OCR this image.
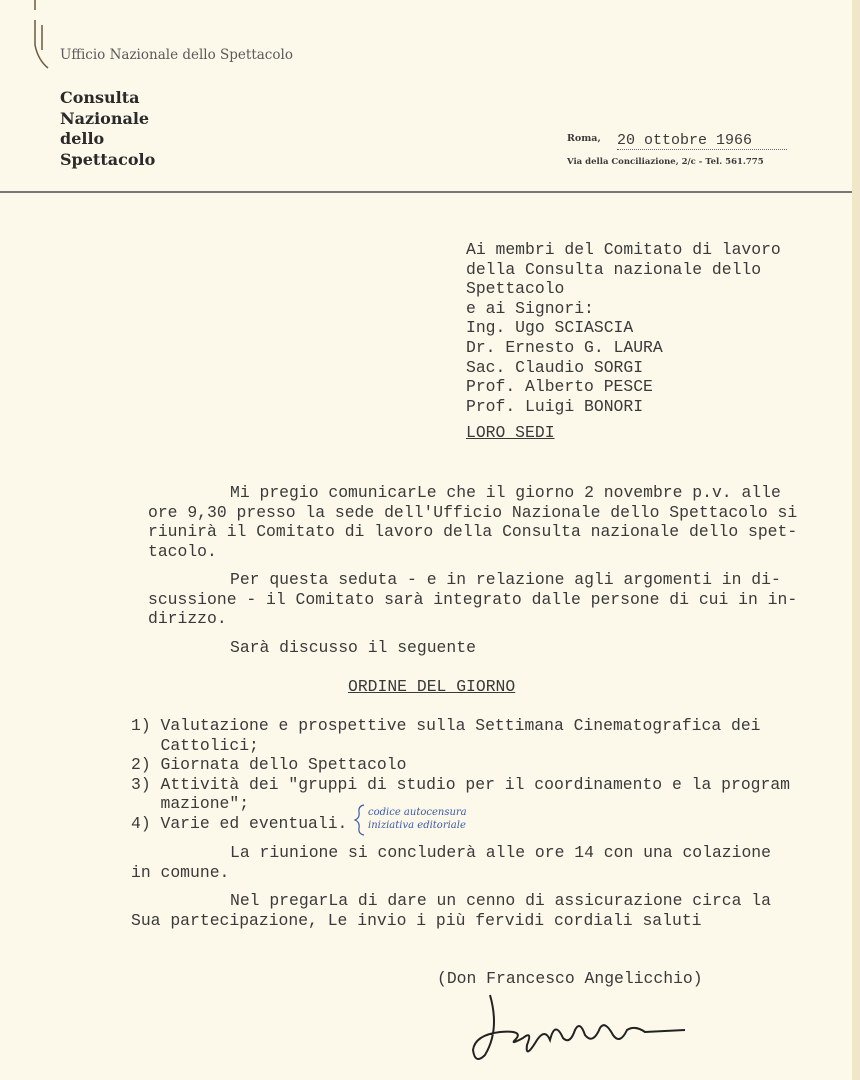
Ufficio Nazionale dello Spettacolo
Consulta
Nazionale
dello
Spettacolo
Roma, 20 ottobre 1966
Via della Conciliazione, 2/c - Tel. 561.775
Ai membri del Comitato di lavoro
della Consulta nazionale dello
Spettacolo
e ai Signori:
Ing. Ugo SCIASCIA
Dr. Ernesto G. LAURA
Sac. Claudio SORGI
Prof. Alberto PESCE
Prof. Luigi BONORI
LORO SEDI
Mi pregio comunicarLe che il giorno 2 novembre p.v. alle
ore 9,30 presso la sede dell'Ufficio Nazionale dello Spettacolo si
riunirà il Comitato di lavoro della Consulta nazionale dello spet-
tacolo.
Per questa seduta - e in relazione agli argomenti in di-
scussione - il Comitato sarà integrato dalle persone di cui in in-
dirizzo.
Sarà discusso il seguente
ORDINE DEL GIORNO
1) Valutazione e prospettive sulla Settimana Cinematografica dei
Cattolici;
2) Giornata dello Spettacolo
3) Attività dei "gruppi di studio per il coordinamento e la program
mazione";
4) Varie ed eventuali.
codice autocensura
iniziativa editoriale
La riunione si concluderà alle ore 14 con una colazione
in comune.
Nel pregarLa di dare un cenno di assicurazione circa la
Sua partecipazione, Le invio i più fervidi cordiali saluti
(Don Francesco Angelicchio)
